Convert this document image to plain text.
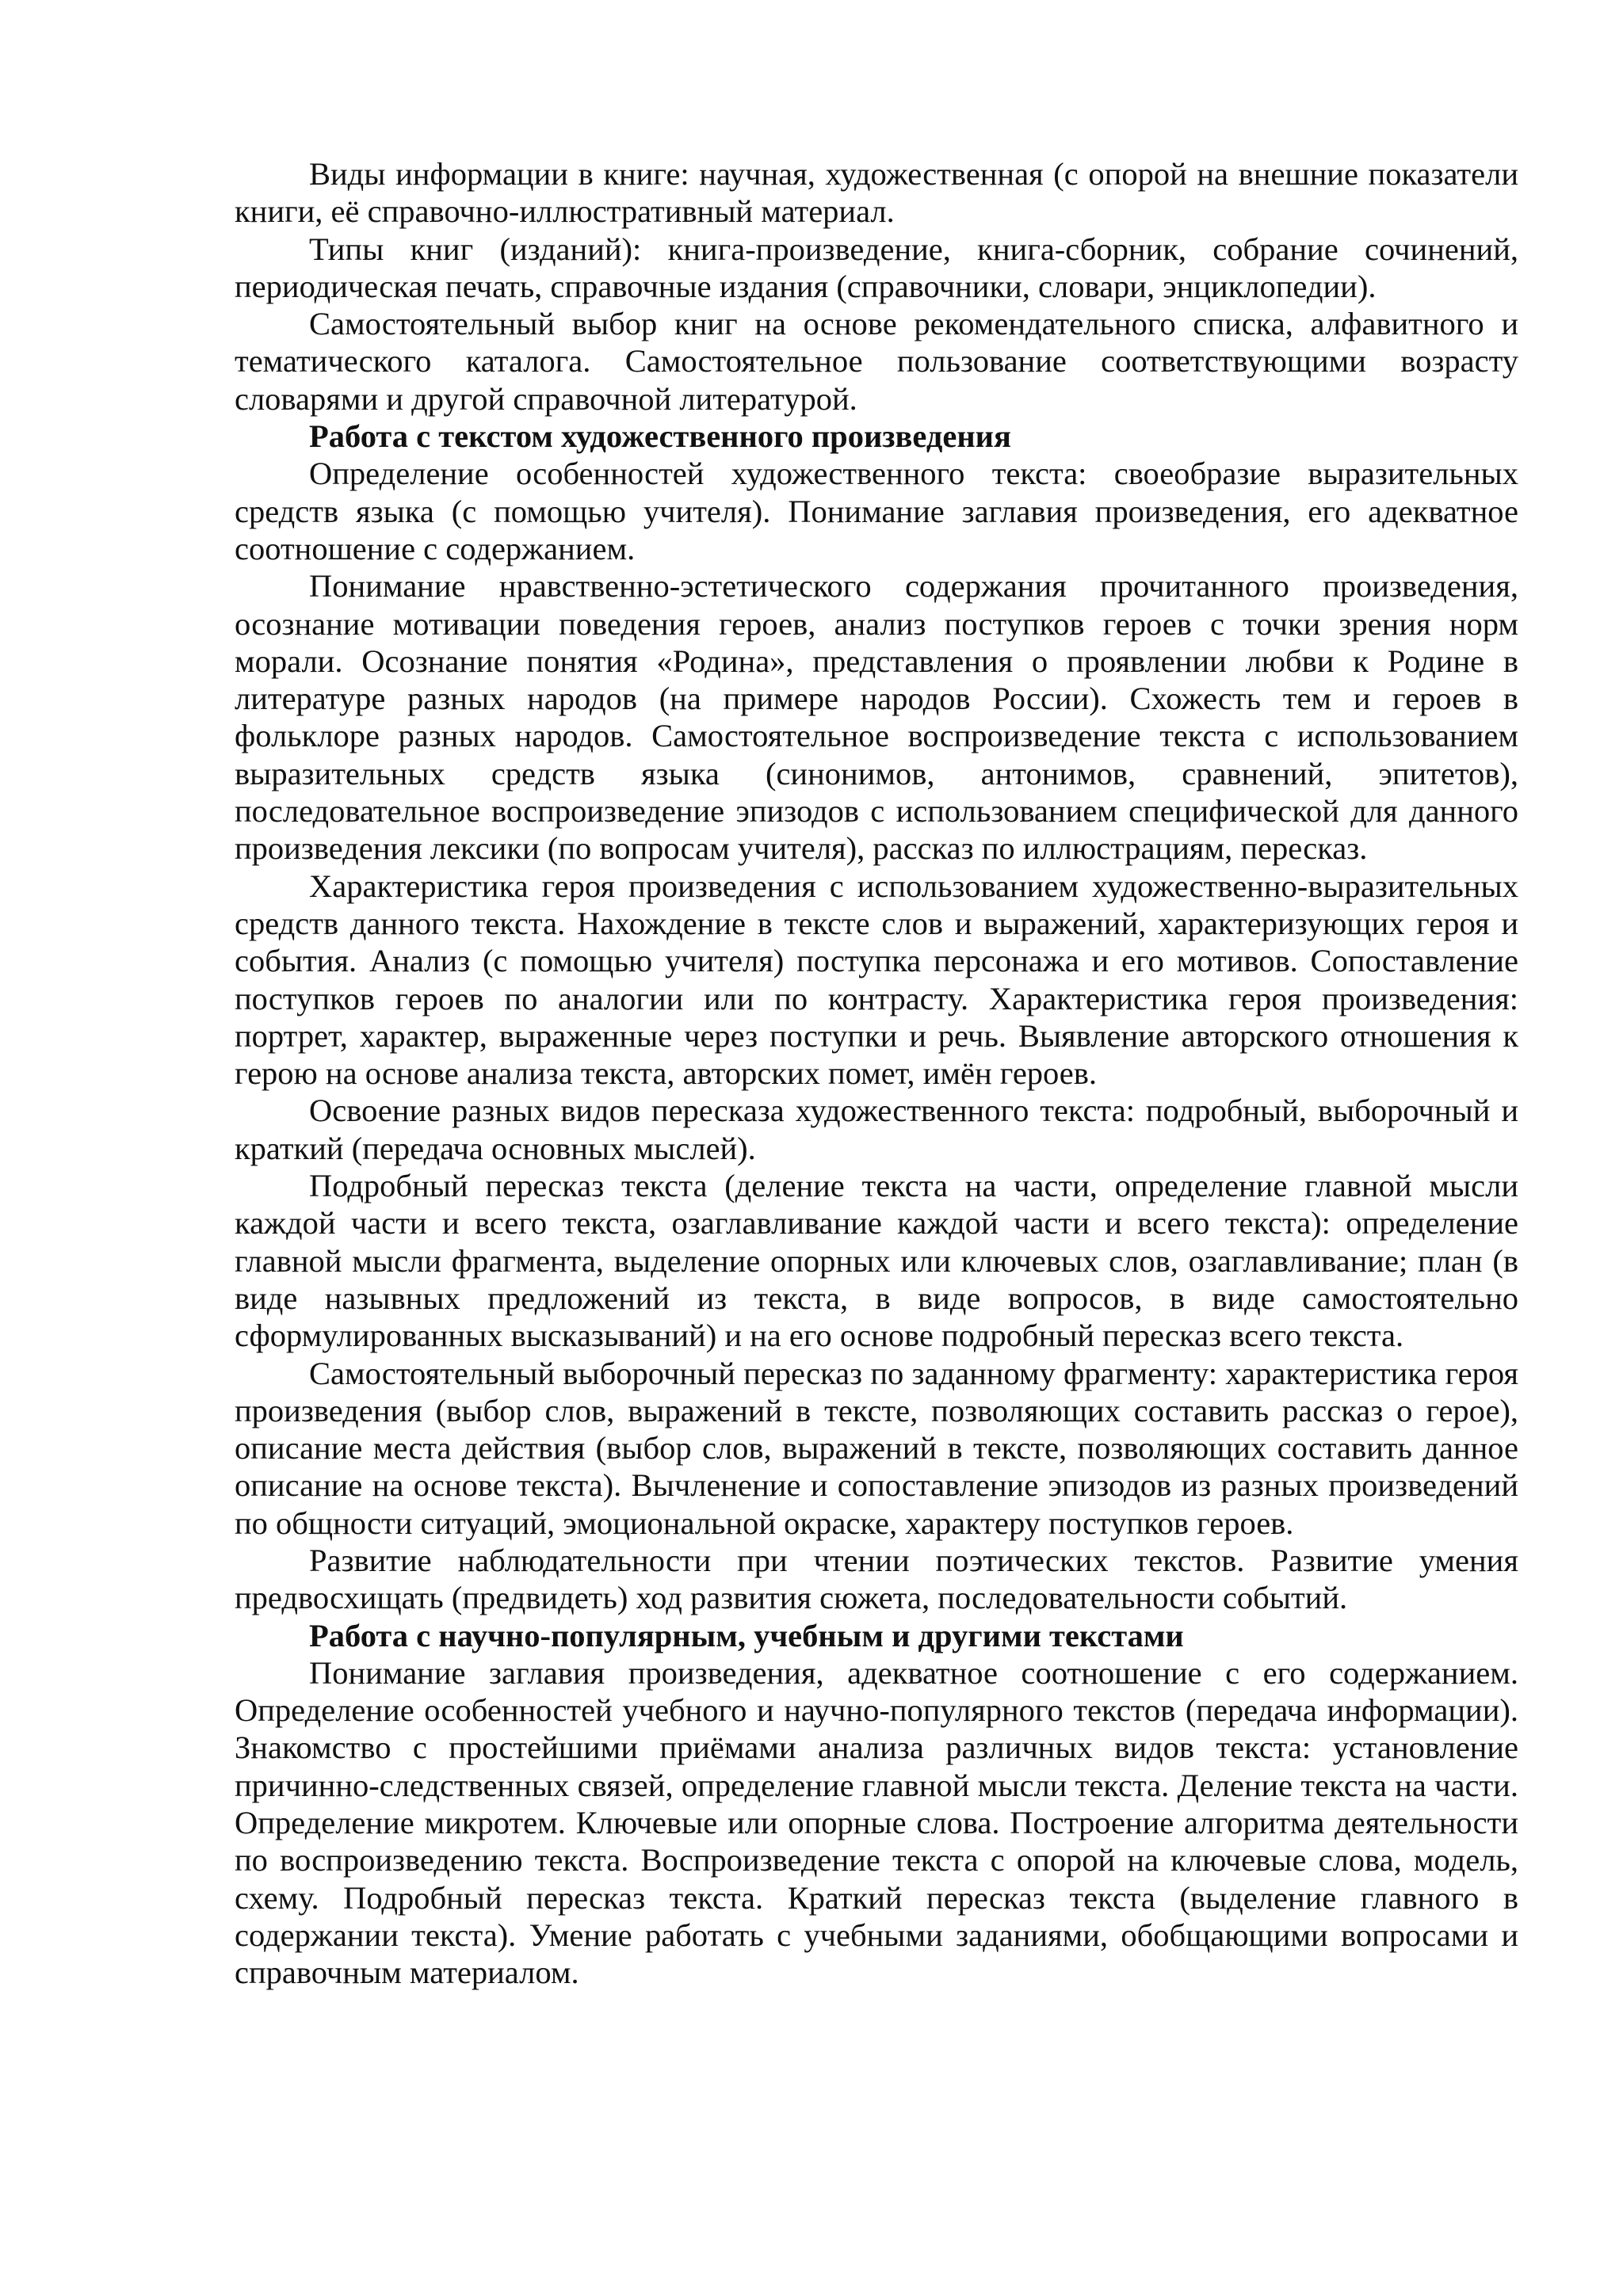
Виды информации в книге: научная, художественная (с опорой на внешние показатели книги, её справочно-иллюстративный материал.

Типы книг (изданий): книга-произведение, книга-сборник, собрание сочинений, периодическая печать, справочные издания (справочники, словари, энциклопедии).

Самостоятельный выбор книг на основе рекомендательного списка, алфавитного и тематического каталога. Самостоятельное пользование соответствующими возрасту словарями и другой справочной литературой.

Работа с текстом художественного произведения

Определение особенностей художественного текста: своеобразие выразительных средств языка (с помощью учителя). Понимание заглавия произведения, его адекватное соотношение с содержанием.

Понимание нравственно-эстетического содержания прочитанного произведения, осознание мотивации поведения героев, анализ поступков героев с точки зрения норм морали. Осознание понятия «Родина», представления о проявлении любви к Родине в литературе разных народов (на примере народов России). Схожесть тем и героев в фольклоре разных народов. Самостоятельное воспроизведение текста с использованием выразительных средств языка (синонимов, антонимов, сравнений, эпитетов), последовательное воспроизведение эпизодов с использованием специфической для данного произведения лексики (по вопросам учителя), рассказ по иллюстрациям, пересказ.

Характеристика героя произведения с использованием художественно-выразительных средств данного текста. Нахождение в тексте слов и выражений, характеризующих героя и события. Анализ (с помощью учителя) поступка персонажа и его мотивов. Сопоставление поступков героев по аналогии или по контрасту. Характеристика героя произведения: портрет, характер, выраженные через поступки и речь. Выявление авторского отношения к герою на основе анализа текста, авторских помет, имён героев.

Освоение разных видов пересказа художественного текста: подробный, выборочный и краткий (передача основных мыслей).

Подробный пересказ текста (деление текста на части, определение главной мысли каждой части и всего текста, озаглавливание каждой части и всего текста): определение главной мысли фрагмента, выделение опорных или ключевых слов, озаглавливание; план (в виде назывных предложений из текста, в виде вопросов, в виде самостоятельно сформулированных высказываний) и на его основе подробный пересказ всего текста.

Самостоятельный выборочный пересказ по заданному фрагменту: характеристика героя произведения (выбор слов, выражений в тексте, позволяющих составить рассказ о герое), описание места действия (выбор слов, выражений в тексте, позволяющих составить данное описание на основе текста). Вычленение и сопоставление эпизодов из разных произведений по общности ситуаций, эмоциональной окраске, характеру поступков героев.

Развитие наблюдательности при чтении поэтических текстов. Развитие умения предвосхищать (предвидеть) ход развития сюжета, последовательности событий.

Работа с научно-популярным, учебным и другими текстами

Понимание заглавия произведения, адекватное соотношение с его содержанием. Определение особенностей учебного и научно-популярного текстов (передача информации). Знакомство с простейшими приёмами анализа различных видов текста: установление причинно-следственных связей, определение главной мысли текста. Деление текста на части. Определение микротем. Ключевые или опорные слова. Построение алгоритма деятельности по воспроизведению текста. Воспроизведение текста с опорой на ключевые слова, модель, схему. Подробный пересказ текста. Краткий пересказ текста (выделение главного в содержании текста). Умение работать с учебными заданиями, обобщающими вопросами и справочным материалом.
